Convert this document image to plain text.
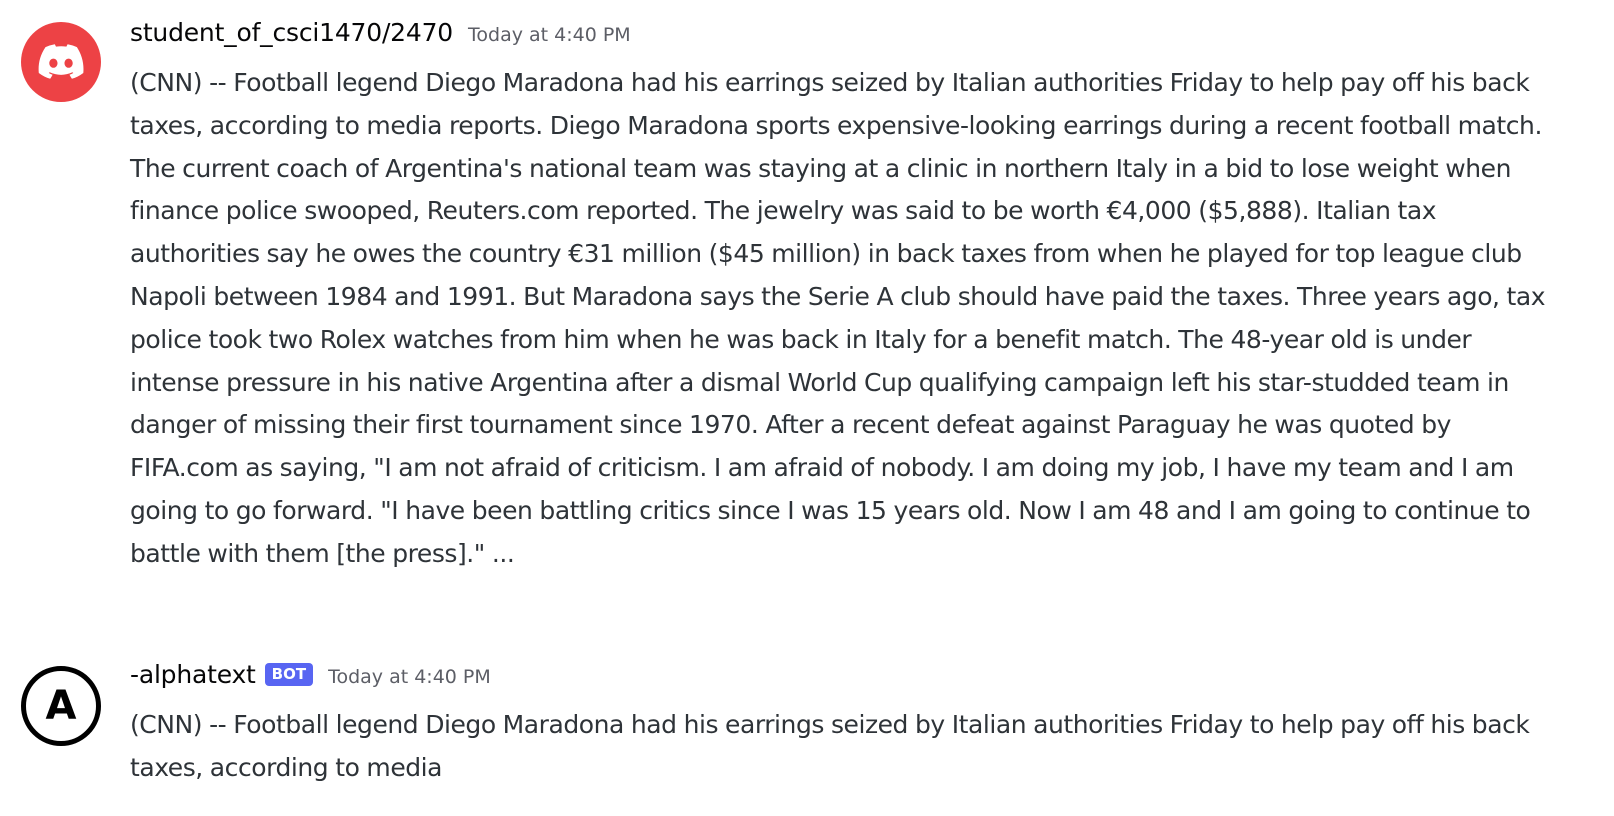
student_of_csci1470/2470 Today at 4:40 PM

(CNN) -- Football legend Diego Maradona had his earrings seized by Italian authorities Friday to help pay off his back taxes, according to media reports. Diego Maradona sports expensive-looking earrings during a recent football match. The current coach of Argentina's national team was staying at a clinic in northern Italy in a bid to lose weight when finance police swooped, Reuters.com reported. The jewelry was said to be worth €4,000 ($5,888). Italian tax authorities say he owes the country €31 million ($45 million) in back taxes from when he played for top league club Napoli between 1984 and 1991. But Maradona says the Serie A club should have paid the taxes. Three years ago, tax police took two Rolex watches from him when he was back in Italy for a benefit match. The 48-year old is under intense pressure in his native Argentina after a dismal World Cup qualifying campaign left his star-studded team in danger of missing their first tournament since 1970. After a recent defeat against Paraguay he was quoted by FIFA.com as saying, "I am not afraid of criticism. I am afraid of nobody. I am doing my job, I have my team and I am going to go forward. "I have been battling critics since I was 15 years old. Now I am 48 and I am going to continue to battle with them [the press]." ...

A
-alphatext	BOT	Today at 4:40 PM

(CNN) -- Football legend Diego Maradona had his earrings seized by Italian authorities Friday to help pay off his back taxes, according to media
